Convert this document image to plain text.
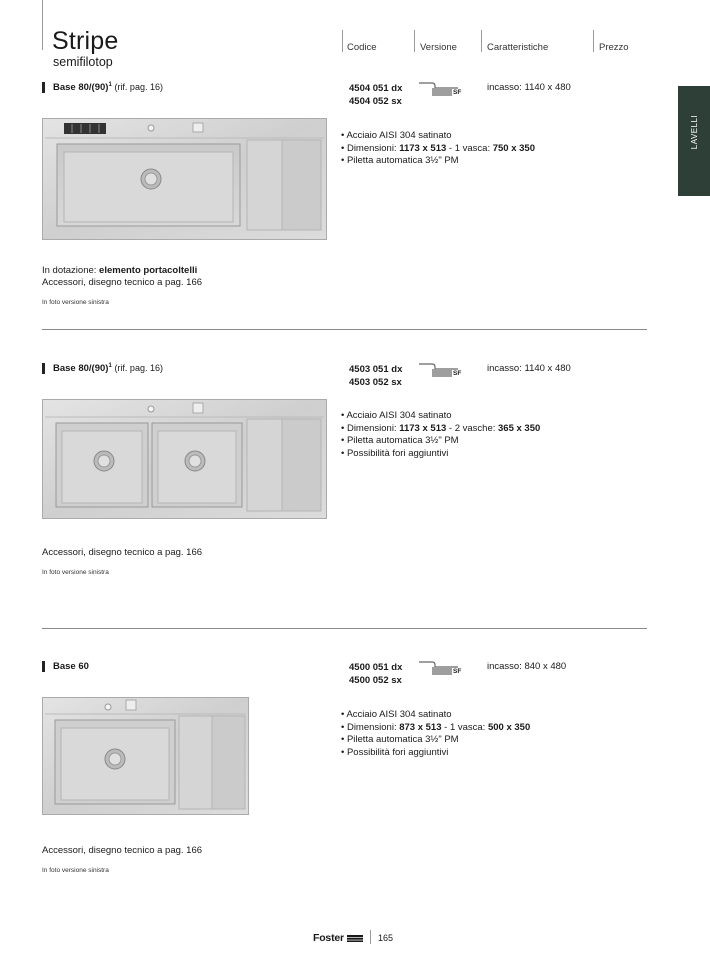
Stripe
semifilotop
Codice	Versione	Caratteristiche	Prezzo
LAVELLI
Base $80/(90)^1$ (rif. pag. 16)	4504 051 dx
4504 052 sx
SF	incasso: 1140 x 480
• Acciaio AISI 304 satinato
• Dimensioni: 1173 x 513 - 1 vasca: 750 x 350
• Piletta automatica 3½" PM
In dotazione: elemento portacoltelli
Accessori, disegno tecnico a pag. 166
In foto versione sinistra
Base $80/(90)^1$ (rif. pag. 16)	4503 051 dx
4503 052 sx
SF	incasso: 1140 x 480
• Acciaio AISI 304 satinato
• Dimensioni: 1173 x 513 - 2 vasche: 365 x 350
• Piletta automatica 3½" PM
• Possibilità fori aggiuntivi
Accessori, disegno tecnico a pag. 166
In foto versione sinistra
Base 60	4500 051 dx
4500 052 sx
SF	incasso: 840 x 480
• Acciaio AISI 304 satinato
• Dimensioni: 873 x 513 - 1 vasca: 500 x 350
• Piletta automatica 3½" PM
• Possibilità fori aggiuntivi
Accessori, disegno tecnico a pag. 166
In foto versione sinistra
Foster	165
